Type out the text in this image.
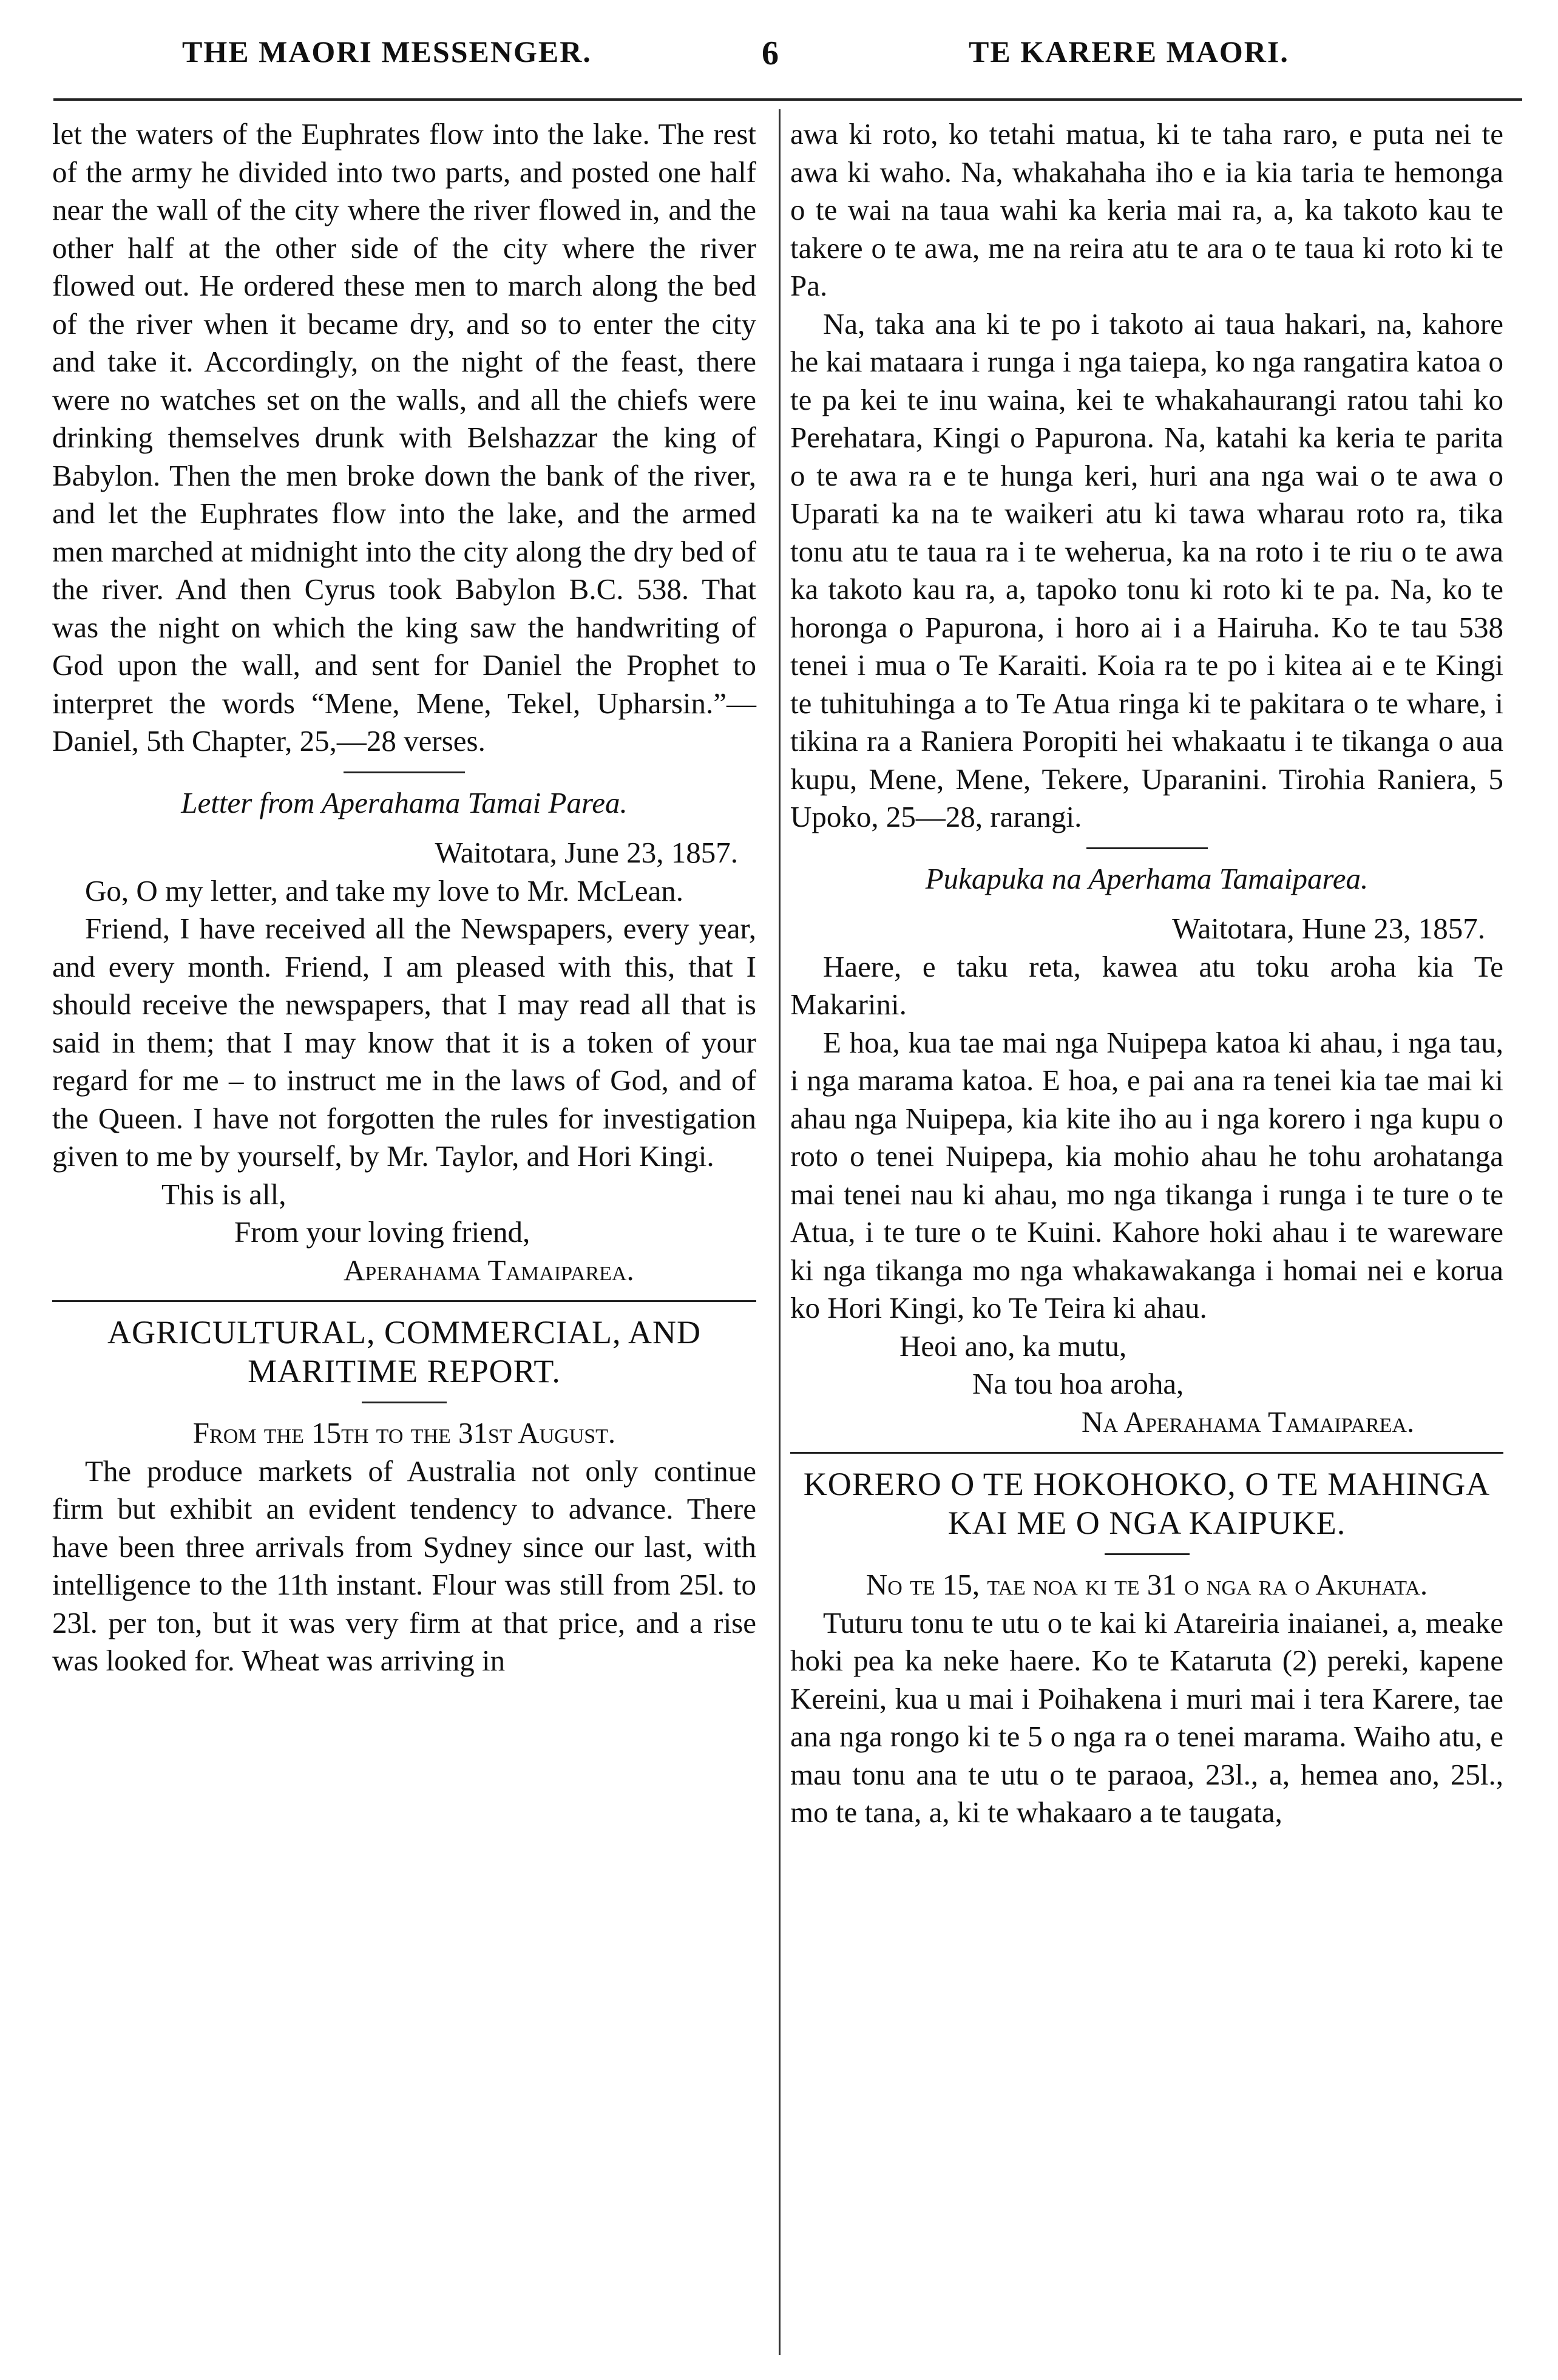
THE MAORI MESSENGER.	6	TE KARERE MAORI.

let the waters of the Euphrates flow into the lake. The rest of the army he divided into two parts, and posted one half near the wall of the city where the river flowed in, and the other half at the other side of the city where the river flowed out. He ordered these men to march along the bed of the river when it became dry, and so to enter the city and take it. Accordingly, on the night of the feast, there were no watches set on the walls, and all the chiefs were drinking themselves drunk with Belshazzar the king of Babylon. Then the men broke down the bank of the river, and let the Euphrates flow into the lake, and the armed men marched at midnight into the city along the dry bed of the river. And then Cyrus took Babylon B.C. 538. That was the night on which the king saw the handwriting of God upon the wall, and sent for Daniel the Prophet to interpret the words “Mene, Mene, Tekel, Upharsin.”—Daniel, 5th Chapter, 25,—28 verses.

Letter from Aperahama Tamai Parea.

Waitotara, June 23, 1857.

Go, O my letter, and take my love to Mr. McLean.

Friend, I have received all the Newspapers, every year, and every month. Friend, I am pleased with this, that I should receive the newspapers, that I may read all that is said in them; that I may know that it is a token of your regard for me – to instruct me in the laws of God, and of the Queen. I have not forgotten the rules for investigation given to me by yourself, by Mr. Taylor, and Hori Kingi.

This is all,

From your loving friend,

Aperahama Tamaiparea.

AGRICULTURAL, COMMERCIAL, AND MARITIME REPORT.

From the 15th to the 31st August.

The produce markets of Australia not only continue firm but exhibit an evident tendency to advance. There have been three arrivals from Sydney since our last, with intelligence to the 11th instant. Flour was still from 25l. to 23l. per ton, but it was very firm at that price, and a rise was looked for. Wheat was arriving in

awa ki roto, ko tetahi matua, ki te taha raro, e puta nei te awa ki waho. Na, whakahaha iho e ia kia taria te hemonga o te wai na taua wahi ka keria mai ra, a, ka takoto kau te takere o te awa, me na reira atu te ara o te taua ki roto ki te Pa.

Na, taka ana ki te po i takoto ai taua hakari, na, kahore he kai mataara i runga i nga taiepa, ko nga rangatira katoa o te pa kei te inu waina, kei te whakahaurangi ratou tahi ko Perehatara, Kingi o Papurona. Na, katahi ka keria te parita o te awa ra e te hunga keri, huri ana nga wai o te awa o Uparati ka na te waikeri atu ki tawa wharau roto ra, tika tonu atu te taua ra i te weherua, ka na roto i te riu o te awa ka takoto kau ra, a, tapoko tonu ki roto ki te pa. Na, ko te horonga o Papurona, i horo ai i a Hairuha. Ko te tau 538 tenei i mua o Te Karaiti. Koia ra te po i kitea ai e te Kingi te tuhituhinga a to Te Atua ringa ki te pakitara o te whare, i tikina ra a Raniera Poropiti hei whakaatu i te tikanga o aua kupu, Mene, Mene, Tekere, Uparanini. Tirohia Raniera, 5 Upoko, 25—28, rarangi.

Pukapuka na Aperhama Tamaiparea.

Waitotara, Hune 23, 1857.

Haere, e taku reta, kawea atu toku aroha kia Te Makarini.

E hoa, kua tae mai nga Nuipepa katoa ki ahau, i nga tau, i nga marama katoa. E hoa, e pai ana ra tenei kia tae mai ki ahau nga Nuipepa, kia kite iho au i nga korero i nga kupu o roto o tenei Nuipepa, kia mohio ahau he tohu arohatanga mai tenei nau ki ahau, mo nga tikanga i runga i te ture o te Atua, i te ture o te Kuini. Kahore hoki ahau i te wareware ki nga tikanga mo nga whakawakanga i homai nei e korua ko Hori Kingi, ko Te Teira ki ahau.

Heoi ano, ka mutu,

Na tou hoa aroha,

Na Aperahama Tamaiparea.

KORERO O TE HOKOHOKO, O TE MAHINGA KAI ME O NGA KAIPUKE.

No te 15, tae noa ki te 31 o nga ra o Akuhata.

Tuturu tonu te utu o te kai ki Atareiria inaianei, a, meake hoki pea ka neke haere. Ko te Kataruta (2) pereki, kapene Kereini, kua u mai i Poihakena i muri mai i tera Karere, tae ana nga rongo ki te 5 o nga ra o tenei marama. Waiho atu, e mau tonu ana te utu o te paraoa, 23l., a, hemea ano, 25l., mo te tana, a, ki te whakaaro a te taugata,
